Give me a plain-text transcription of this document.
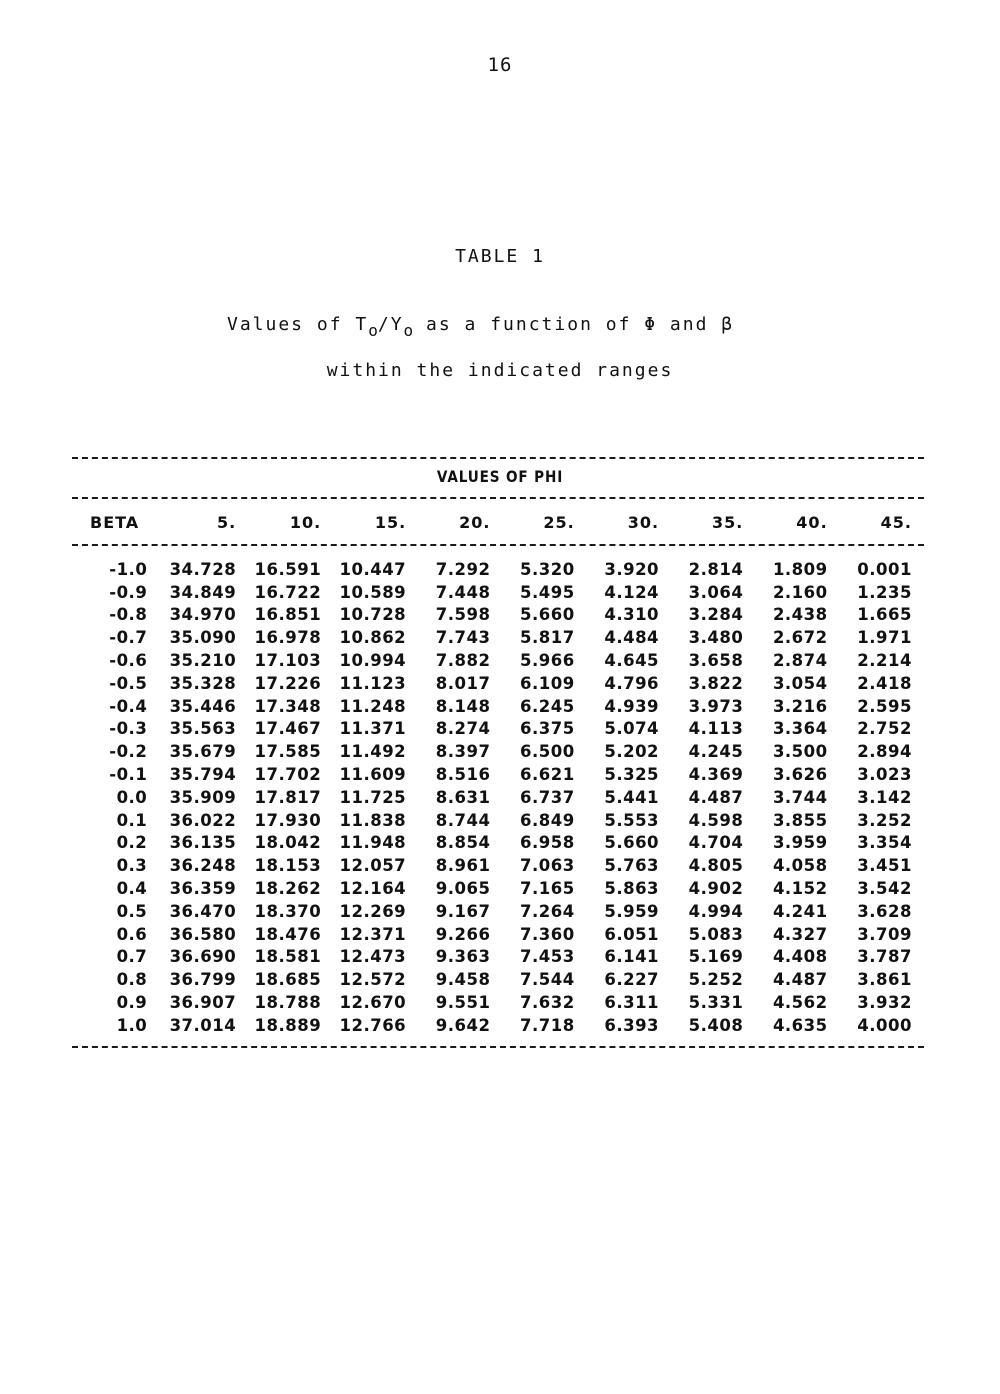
16
TABLE 1
Values of $T_o/Y_o$ as a function of Φ and β
within the indicated ranges
VALUES OF PHI
BETA	5.	10.	15.	20.	25.	30.	35.	40.	45.

-1.0	34.728	16.591	10.447	7.292	5.320	3.920	2.814	1.809	0.001
-0.9	34.849	16.722	10.589	7.448	5.495	4.124	3.064	2.160	1.235
-0.8	34.970	16.851	10.728	7.598	5.660	4.310	3.284	2.438	1.665
-0.7	35.090	16.978	10.862	7.743	5.817	4.484	3.480	2.672	1.971
-0.6	35.210	17.103	10.994	7.882	5.966	4.645	3.658	2.874	2.214
-0.5	35.328	17.226	11.123	8.017	6.109	4.796	3.822	3.054	2.418
-0.4	35.446	17.348	11.248	8.148	6.245	4.939	3.973	3.216	2.595
-0.3	35.563	17.467	11.371	8.274	6.375	5.074	4.113	3.364	2.752
-0.2	35.679	17.585	11.492	8.397	6.500	5.202	4.245	3.500	2.894
-0.1	35.794	17.702	11.609	8.516	6.621	5.325	4.369	3.626	3.023
0.0	35.909	17.817	11.725	8.631	6.737	5.441	4.487	3.744	3.142
0.1	36.022	17.930	11.838	8.744	6.849	5.553	4.598	3.855	3.252
0.2	36.135	18.042	11.948	8.854	6.958	5.660	4.704	3.959	3.354
0.3	36.248	18.153	12.057	8.961	7.063	5.763	4.805	4.058	3.451
0.4	36.359	18.262	12.164	9.065	7.165	5.863	4.902	4.152	3.542
0.5	36.470	18.370	12.269	9.167	7.264	5.959	4.994	4.241	3.628
0.6	36.580	18.476	12.371	9.266	7.360	6.051	5.083	4.327	3.709
0.7	36.690	18.581	12.473	9.363	7.453	6.141	5.169	4.408	3.787
0.8	36.799	18.685	12.572	9.458	7.544	6.227	5.252	4.487	3.861
0.9	36.907	18.788	12.670	9.551	7.632	6.311	5.331	4.562	3.932
1.0	37.014	18.889	12.766	9.642	7.718	6.393	5.408	4.635	4.000
